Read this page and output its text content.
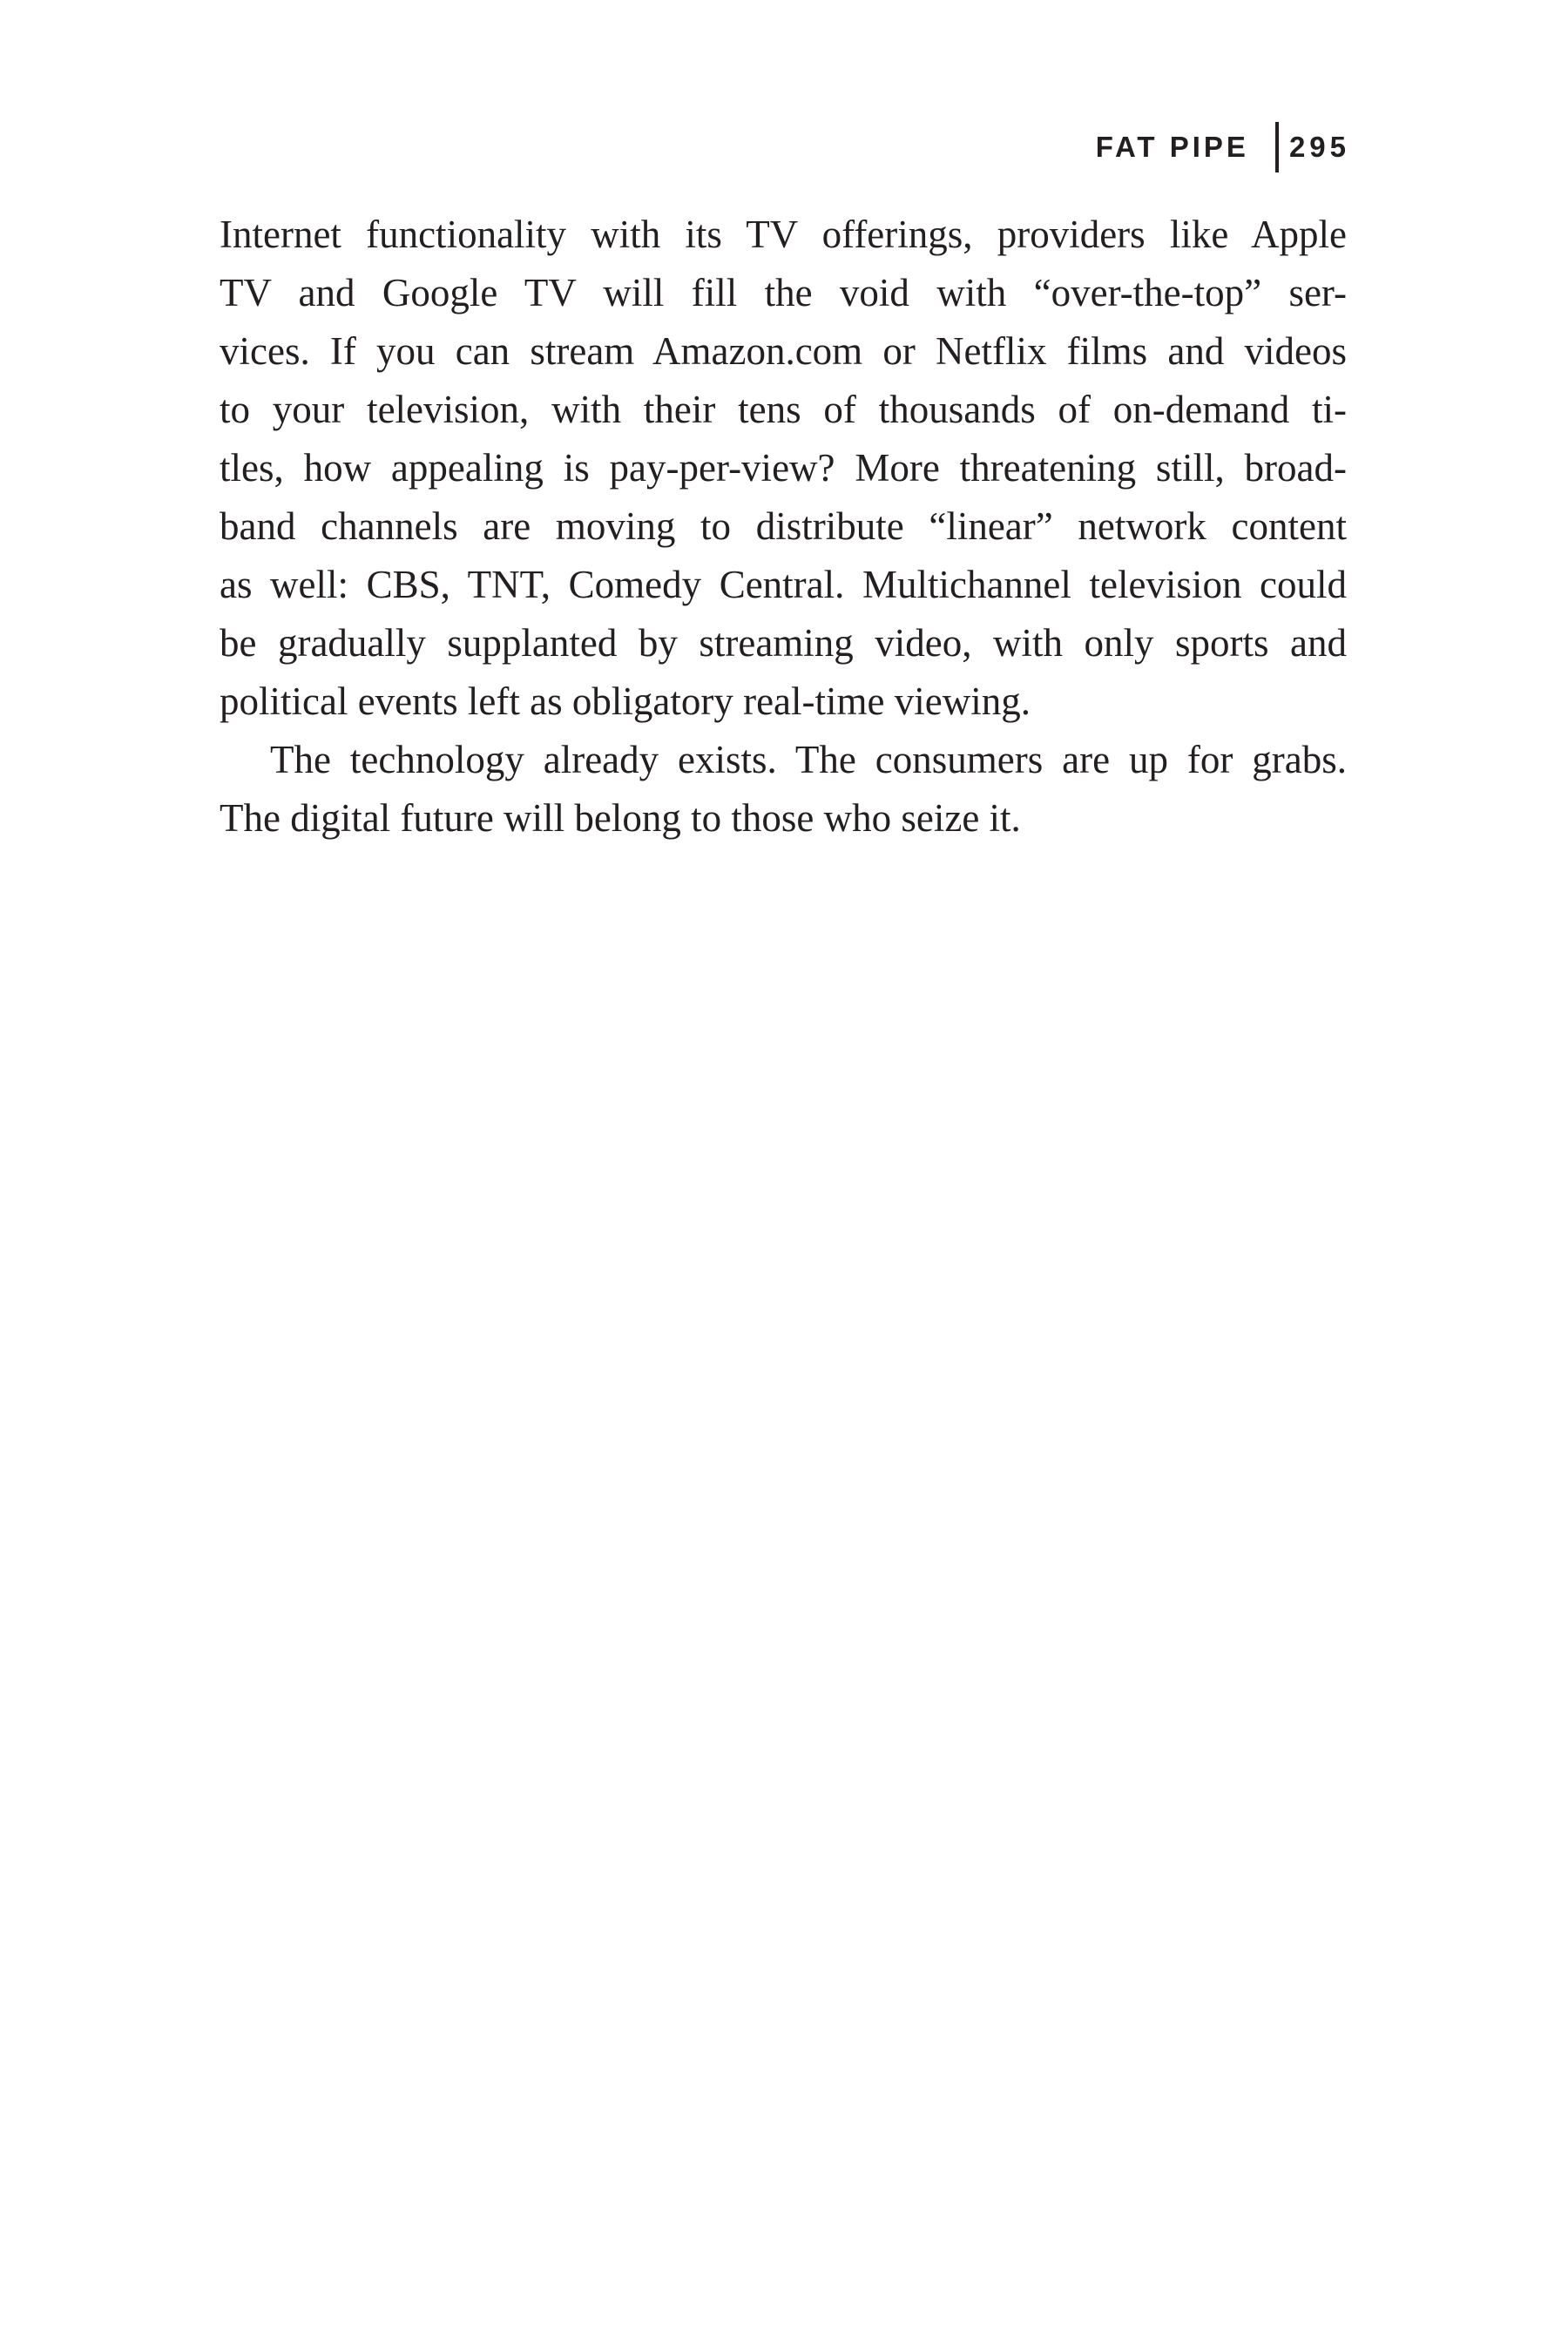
FAT PIPE	295
Internet functionality with its TV offerings, providers like Apple
TV and Google TV will fill the void with “over-the-top” ser-
vices. If you can stream Amazon.com or Netflix films and videos
to your television, with their tens of thousands of on-demand ti-
tles, how appealing is pay-per-view? More threatening still, broad-
band channels are moving to distribute “linear” network content
as well: CBS, TNT, Comedy Central. Multichannel television could
be gradually supplanted by streaming video, with only sports and
political events left as obligatory real-time viewing.
The technology already exists. The consumers are up for grabs.
The digital future will belong to those who seize it.
